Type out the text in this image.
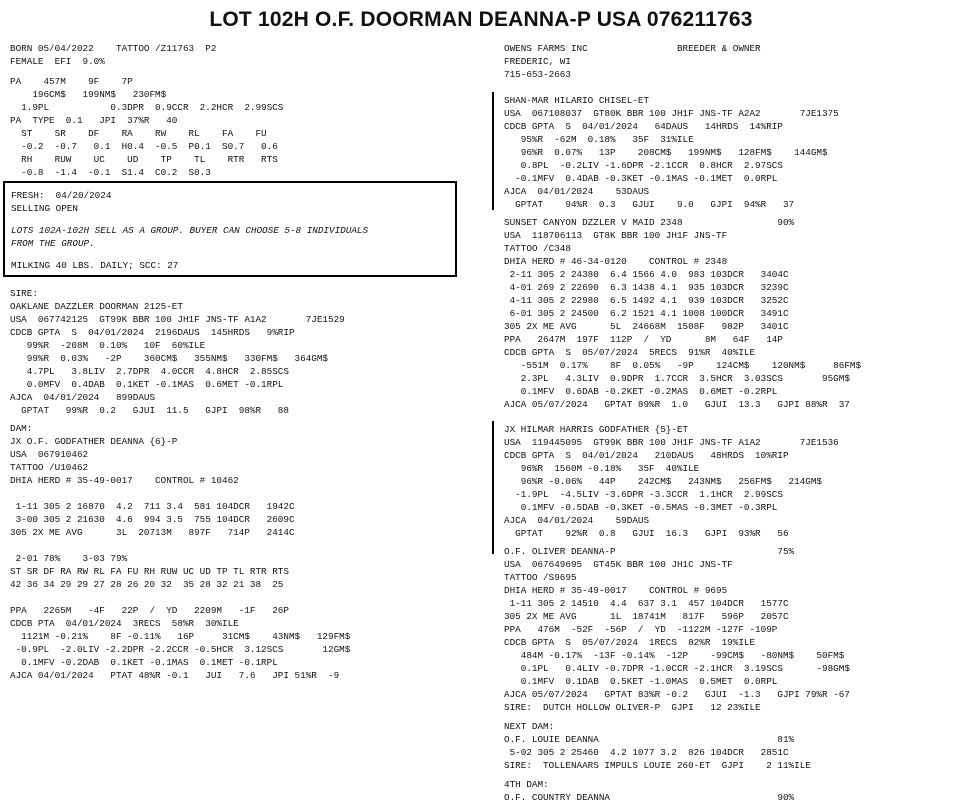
LOT 102H O.F. DOORMAN DEANNA-P USA 076211763
BORN 05/04/2022    TATTOO /Z11763  P2
FEMALE  EFI  9.0%
PA    457M    9F    7P
196CM$   199NM$   230FM$
1.9PL           0.3DPR  0.9CCR  2.2HCR  2.99SCS
PA  TYPE  0.1   JPI  37%R   40
ST    SR    DF    RA    RW    RL    FA    FU
-0.2  -0.7   0.1  H0.4  -0.5  P0.1  S0.7   0.6
RH    RUW    UC    UD    TP    TL    RTR   RTS
-0.8  -1.4  -0.1  S1.4  C0.2  S0.3
FRESH:  04/20/2024
SELLING OPEN
LOTS 102A-102H SELL AS A GROUP. BUYER CAN CHOOSE 5-8 INDIVIDUALS
FROM THE GROUP.
MILKING 40 LBS. DAILY; SCC: 27
SIRE:
OAKLANE DAZZLER DOORMAN 2125-ET
USA  067742125  GT99K BBR 100 JH1F JNS-TF A1A2       7JE1529
CDCB GPTA  S  04/01/2024  2196DAUS  145HRDS   9%RIP
99%R  -208M  0.10%   10F  60%ILE
99%R  0.03%   -2P    360CM$   355NM$   330FM$   364GM$
4.7PL   3.8LIV  2.7DPR  4.0CCR  4.8HCR  2.85SCS
0.0MFV  0.4DAB  0.1KET -0.1MAS  0.6MET -0.1RPL
AJCA  04/01/2024   899DAUS
GPTAT   99%R  0.2   GJUI  11.5   GJPI  98%R   88
DAM:
JX O.F. GODFATHER DEANNA {6}-P
USA  067910462
TATTOO /U10462
DHIA HERD # 35-49-0017    CONTROL # 10462

1-11 305 2 16870  4.2  711 3.4  581 104DCR   1942C
3-00 305 2 21630  4.6  994 3.5  755 104DCR   2609C
305 2X ME AVG      3L  20713M   897F   714P   2414C

2-01 78%    3-03 79%
ST SR DF RA RW RL FA FU RH RUW UC UD TP TL RTR RTS
42 36 34 29 29 27 28 26 20 32  35 28 32 21 38  25

PPA   2265M   -4F   22P  /  YD   2209M   -1F   26P
CDCB PTA  04/01/2024  3RECS  58%R  30%ILE
1121M -0.21%    8F -0.11%   16P     31CM$    43NM$   129FM$
-0.9PL  -2.0LIV -2.2DPR -2.2CCR -0.5HCR  3.12SCS       12GM$
0.1MFV -0.2DAB  0.1KET -0.1MAS  0.1MET -0.1RPL
AJCA 04/01/2024   PTAT 48%R -0.1   JUI   7.6   JPI 51%R  -9
OWENS FARMS INC                BREEDER & OWNER
FREDERIC, WI
715-653-2663
SHAN-MAR HILARIO CHISEL-ET
USA  067108037  GT80K BBR 100 JH1F JNS-TF A2A2       7JE1375
CDCB GPTA  S  04/01/2024   64DAUS   14HRDS  14%RIP
95%R  -62M  0.18%   35F  31%ILE
96%R  0.07%   13P    208CM$   199NM$   128FM$    144GM$
0.8PL  -0.2LIV -1.6DPR -2.1CCR  0.8HCR  2.97SCS
-0.1MFV  0.4DAB -0.3KET -0.1MAS -0.1MET  0.0RPL
AJCA  04/01/2024    53DAUS
GPTAT    94%R  0.3   GJUI    9.0   GJPI  94%R   37
SUNSET CANYON DZZLER V MAID 2348                 90%
USA  118706113  GT8K BBR 100 JH1F JNS-TF
TATTOO /C348
DHIA HERD # 46-34-0120    CONTROL # 2348
2-11 305 2 24380  6.4 1566 4.0  983 103DCR   3404C
4-01 269 2 22690  6.3 1438 4.1  935 103DCR   3239C
4-11 305 2 22980  6.5 1492 4.1  939 103DCR   3252C
6-01 305 2 24500  6.2 1521 4.1 1008 100DCR   3491C
305 2X ME AVG      5L  24668M  1508F   982P   3401C
PPA   2647M  197F  112P  /  YD      8M   64F   14P
CDCB GPTA  S  05/07/2024  5RECS  91%R  40%ILE
-551M  0.17%    8F  0.05%   -9P    124CM$    120NM$     86FM$
2.3PL   4.3LIV  0.9DPR  1.7CCR  3.5HCR  3.03SCS       95GM$
0.1MFV  0.6DAB -0.2KET -0.2MAS  0.6MET -0.2RPL
AJCA 05/07/2024   GPTAT 89%R  1.0   GJUI  13.3   GJPI 88%R  37
JX HILMAR HARRIS GODFATHER {5}-ET
USA  119445095  GT99K BBR 100 JH1F JNS-TF A1A2       7JE1536
CDCB GPTA  S  04/01/2024   210DAUS   48HRDS  10%RIP
96%R  1560M -0.18%   35F  40%ILE
96%R -0.06%   44P    242CM$   243NM$   256FM$   214GM$
-1.9PL  -4.5LIV -3.6DPR -3.3CCR  1.1HCR  2.99SCS
0.1MFV -0.5DAB -0.3KET -0.5MAS -0.3MET -0.3RPL
AJCA  04/01/2024    59DAUS
GPTAT    92%R  0.8   GJUI  16.3   GJPI  93%R   56
O.F. OLIVER DEANNA-P                             75%
USA  067649695  GT45K BBR 100 JH1C JNS-TF
TATTOO /S9695
DHIA HERD # 35-49-0017    CONTROL # 9695
1-11 305 2 14510  4.4  637 3.1  457 104DCR   1577C
305 2X ME AVG      1L  18741M   817F   596P   2057C
PPA   476M  -52F  -56P  /  YD  -1122M -127F -109P
CDCB GPTA  S  05/07/2024  1RECS  82%R  19%ILE
484M -0.17%  -13F -0.14%  -12P    -99CM$   -80NM$    50FM$
0.1PL   0.4LIV -0.7DPR -1.0CCR -2.1HCR  3.19SCS      -98GM$
0.1MFV  0.1DAB  0.5KET -1.0MAS  0.5MET  0.0RPL
AJCA 05/07/2024   GPTAT 83%R -0.2   GJUI  -1.3   GJPI 79%R -67
SIRE:  DUTCH HOLLOW OLIVER-P  GJPI   12 23%ILE
NEXT DAM:
O.F. LOUIE DEANNA                                81%
5-02 305 2 25460  4.2 1077 3.2  826 104DCR   2851C
SIRE:  TOLLENAARS IMPULS LOUIE 260-ET  GJPI    2 11%ILE
4TH DAM:
O.F. COUNTRY DEANNA                              90%
